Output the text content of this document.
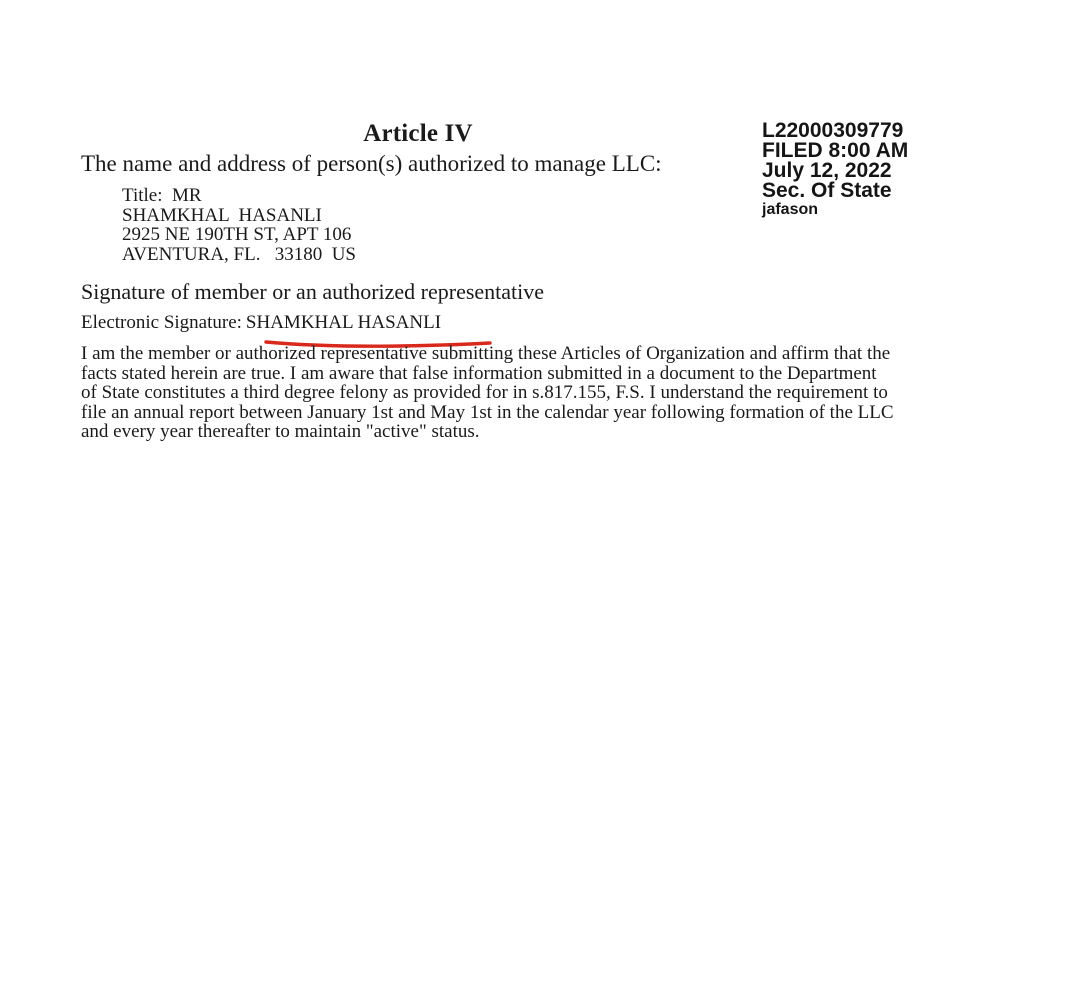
Article IV
The name and address of person(s) authorized to manage LLC:
Title:  MR
SHAMKHAL  HASANLI
2925 NE 190TH ST, APT 106
AVENTURA, FL.   33180  US
L22000309779
FILED 8:00 AM
July 12, 2022
Sec. Of State
jafason
Signature of member or an authorized representative
Electronic Signature: SHAMKHAL HASANLI
I am the member or authorized representative submitting these Articles of Organization and affirm that the
facts stated herein are true. I am aware that false information submitted in a document to the Department
of State constitutes a third degree felony as provided for in s.817.155, F.S. I understand the requirement to
file an annual report between January 1st and May 1st in the calendar year following formation of the LLC
and every year thereafter to maintain "active" status.
